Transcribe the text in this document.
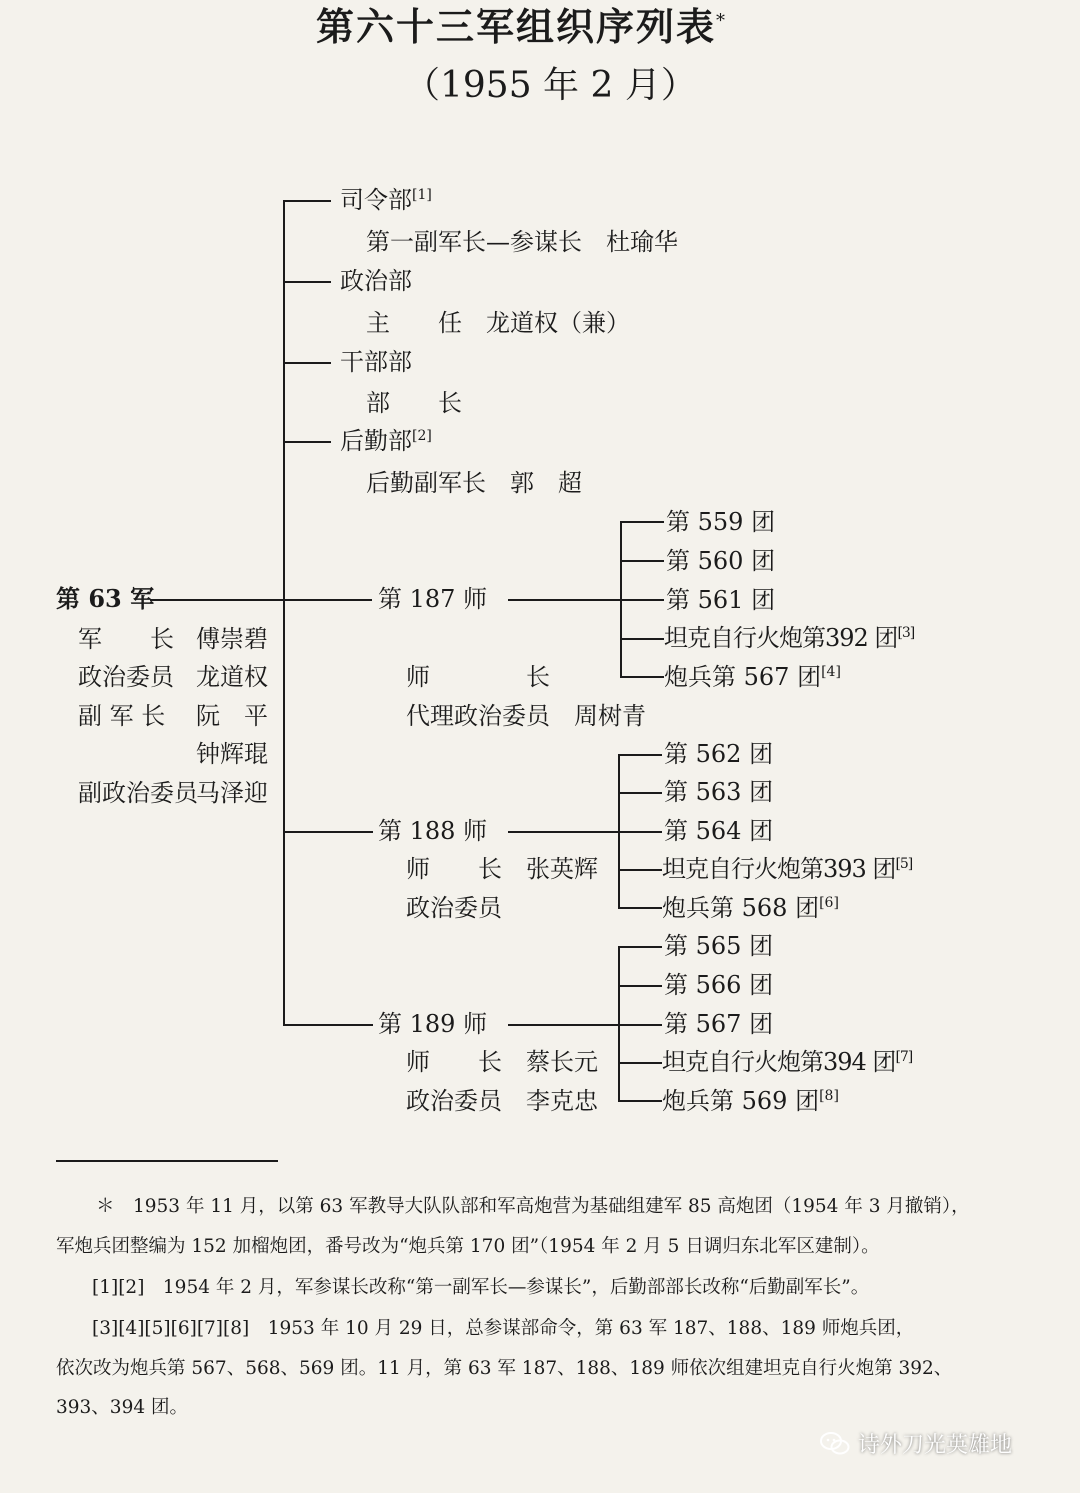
第六十三军组织序列表*
（1955 年 2 月）
司令部[1]
第一副军长—参谋长　杜瑜华
政治部
主　　任　龙道权（兼）
干部部
部　　长
后勤部[2]
后勤副军长　郭　超
第 63 军
军　　长 傅崇碧
政治委员 龙道权
副 军 长 阮　平
钟辉琨
副政治委员
马泽迎
第 187 师
师　　　　长
代理政治委员　周树青
第 559 团
第 560 团
第 561 团
坦克自行火炮第392 团[3]
炮兵第 567 团[4]
第 188 师
师　　长　张英辉
政治委员
第 562 团
第 563 团
第 564 团
坦克自行火炮第393 团[5]
炮兵第 568 团[6]
第 189 师
师　　长　蔡长元
政治委员　李克忠
第 565 团
第 566 团
第 567 团
坦克自行火炮第394 团[7]
炮兵第 569 团[8]
＊　1953 年 11 月，以第 63 军教导大队队部和军高炮营为基础组建军 85 高炮团（1954 年 3 月撤销），
军炮兵团整编为 152 加榴炮团，番号改为“炮兵第 170 团”（1954 年 2 月 5 日调归东北军区建制）。
[1][2]　1954 年 2 月，军参谋长改称“第一副军长—参谋长”，后勤部部长改称“后勤副军长”。
[3][4][5][6][7][8]　1953 年 10 月 29 日，总参谋部命令，第 63 军 187、188、189 师炮兵团，
依次改为炮兵第 567、568、569 团。11 月，第 63 军 187、188、189 师依次组建坦克自行火炮第 392、
393、394 团。
诗外刀光英雄地
